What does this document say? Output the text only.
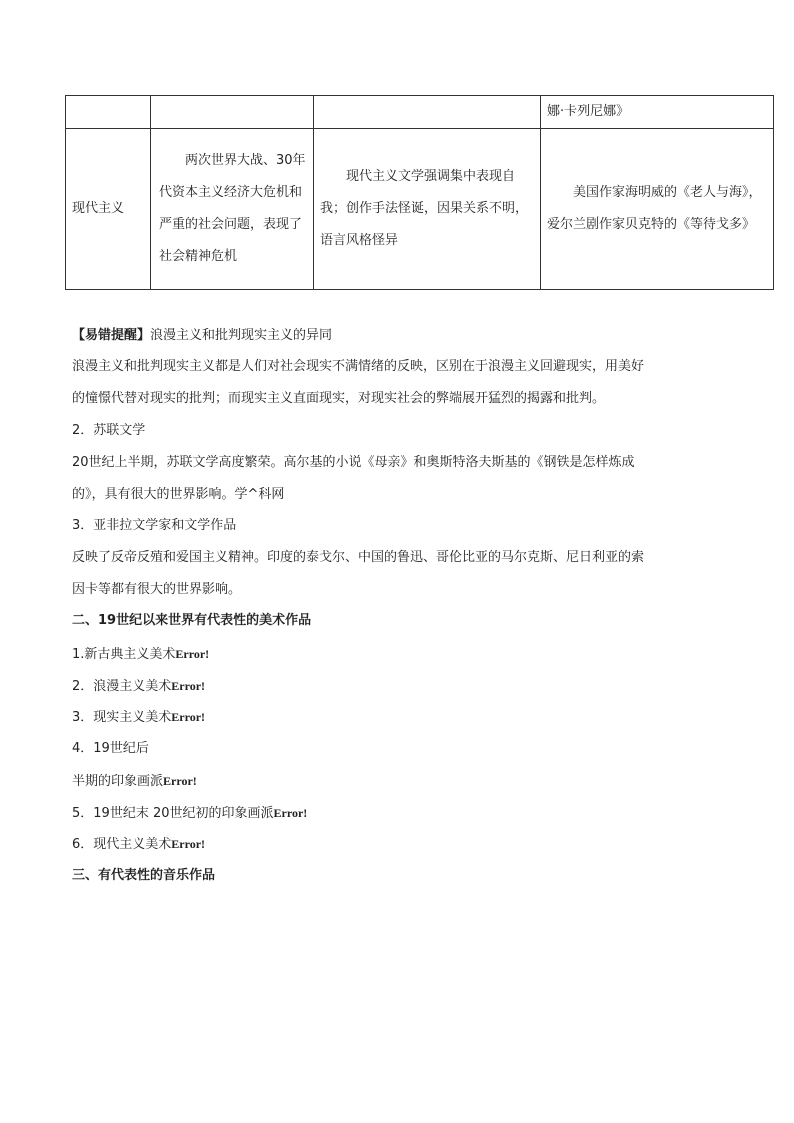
			娜·卡列尼娜》
现代主义	两次世界大战、30年代资本主义经济大危机和严重的社会问题，表现了社会精神危机	现代主义文学强调集中表现自我；创作手法怪诞，因果关系不明，语言风格怪异	美国作家海明威的《老人与海》，爱尔兰剧作家贝克特的《等待戈多》
【易错提醒】浪漫主义和批判现实主义的异同
浪漫主义和批判现实主义都是人们对社会现实不满情绪的反映，区别在于浪漫主义回避现实，用美好
的憧憬代替对现实的批判；而现实主义直面现实，对现实社会的弊端展开猛烈的揭露和批判。
2．苏联文学
20世纪上半期，苏联文学高度繁荣。高尔基的小说《母亲》和奥斯特洛夫斯基的《钢铁是怎样炼成
的》，具有很大的世界影响。学^科网
3．亚非拉文学家和文学作品
反映了反帝反殖和爱国主义精神。印度的泰戈尔、中国的鲁迅、哥伦比亚的马尔克斯、尼日利亚的索
因卡等都有很大的世界影响。
二、19世纪以来世界有代表性的美术作品
1.新古典主义美术Error!
2．浪漫主义美术Error!
3．现实主义美术Error!
4．19世纪后
半期的印象画派Error!
5．19世纪末 20世纪初的印象画派Error!
6．现代主义美术Error!
三、有代表性的音乐作品
